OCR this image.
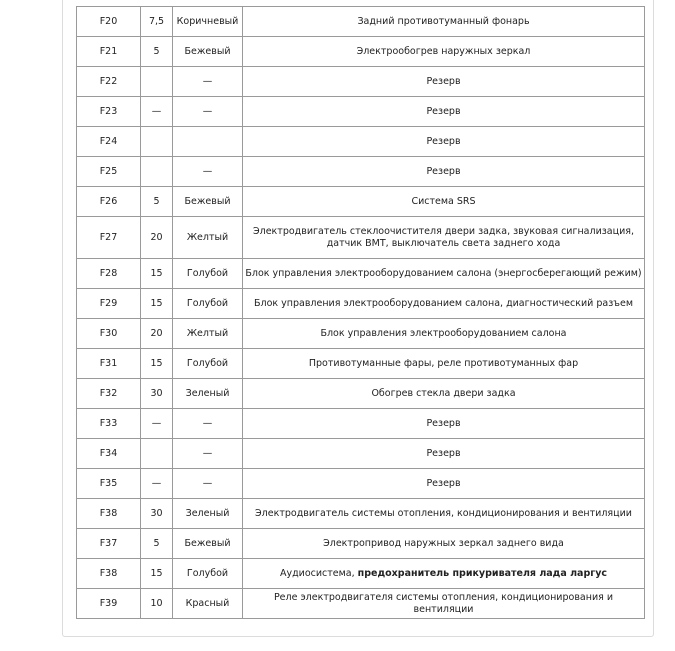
F20	7,5	Коричневый	Задний противотуманный фонарь
F21	5	Бежевый	Электрообогрев наружных зеркал
F22		—	Резерв
F23	—	—	Резерв
F24			Резерв
F25		—	Резерв
F26	5	Бежевый	Система SRS
F27	20	Желтый	Электродвигатель стеклоочистителя двери задка, звуковая сигнализация, датчик ВМТ, выключатель света заднего хода
F28	15	Голубой	Блок управления электрооборудованием салона (энергосберегающий режим)
F29	15	Голубой	Блок управления электрооборудованием салона, диагностический разъем
F30	20	Желтый	Блок управления электрооборудованием салона
F31	15	Голубой	Противотуманные фары, реле противотуманных фар
F32	30	Зеленый	Обогрев стекла двери задка
F33	—	—	Резерв
F34		—	Резерв
F35	—	—	Резерв
F38	30	Зеленый	Электродвигатель системы отопления, кондиционирования и вентиляции
F37	5	Бежевый	Электропривод наружных зеркал заднего вида
F38	15	Голубой	Аудиосистема, предохранитель прикуривателя лада ларгус
F39	10	Красный	Реле электродвигателя системы отопления, кондиционирования и вентиляции
